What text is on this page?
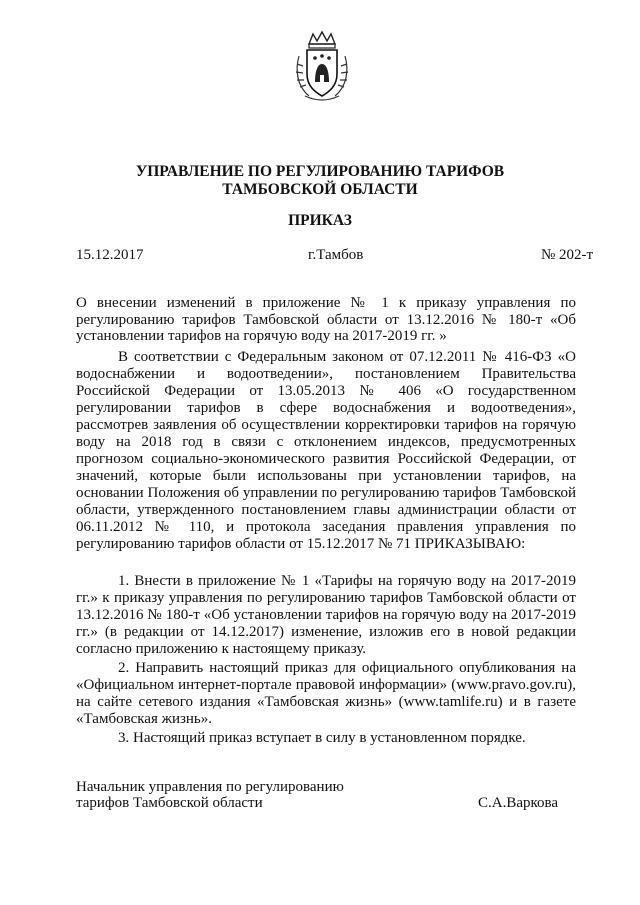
УПРАВЛЕНИЕ ПО РЕГУЛИРОВАНИЮ ТАРИФОВ
ТАМБОВСКОЙ ОБЛАСТИ
ПРИКАЗ
15.12.2017	г.Тамбов	№ 202-т
О внесении изменений в приложение № 1 к приказу управления по регулированию тарифов Тамбовской области от 13.12.2016 № 180-т «Об установлении тарифов на горячую воду на 2017-2019 гг. »
В соответствии с Федеральным законом от 07.12.2011 № 416-ФЗ «О водоснабжении и водоотведении», постановлением Правительства Российской Федерации от 13.05.2013 № 406 «О государственном регулировании тарифов в сфере водоснабжения и водоотведения», рассмотрев заявления об осуществлении корректировки тарифов на горячую воду на 2018 год в связи с отклонением индексов, предусмотренных прогнозом социально-экономического развития Российской Федерации, от значений, которые были использованы при установлении тарифов, на основании Положения об управлении по регулированию тарифов Тамбовской области, утвержденного постановлением главы администрации области от 06.11.2012 № 110, и протокола заседания правления управления по регулированию тарифов области от 15.12.2017 № 71 ПРИКАЗЫВАЮ:
1. Внести в приложение № 1 «Тарифы на горячую воду на 2017-2019 гг.» к приказу управления по регулированию тарифов Тамбовской области от 13.12.2016 № 180-т «Об установлении тарифов на горячую воду на 2017-2019 гг.» (в редакции от 14.12.2017) изменение, изложив его в новой редакции согласно приложению к настоящему приказу.
2. Направить настоящий приказ для официального опубликования на «Официальном интернет-портале правовой информации» (www.pravo.gov.ru), на сайте сетевого издания «Тамбовская жизнь» (www.tamlife.ru) и в газете «Тамбовская жизнь».
3. Настоящий приказ вступает в силу в установленном порядке.
Начальник управления по регулированию тарифов Тамбовской области	С.А.Варкова
